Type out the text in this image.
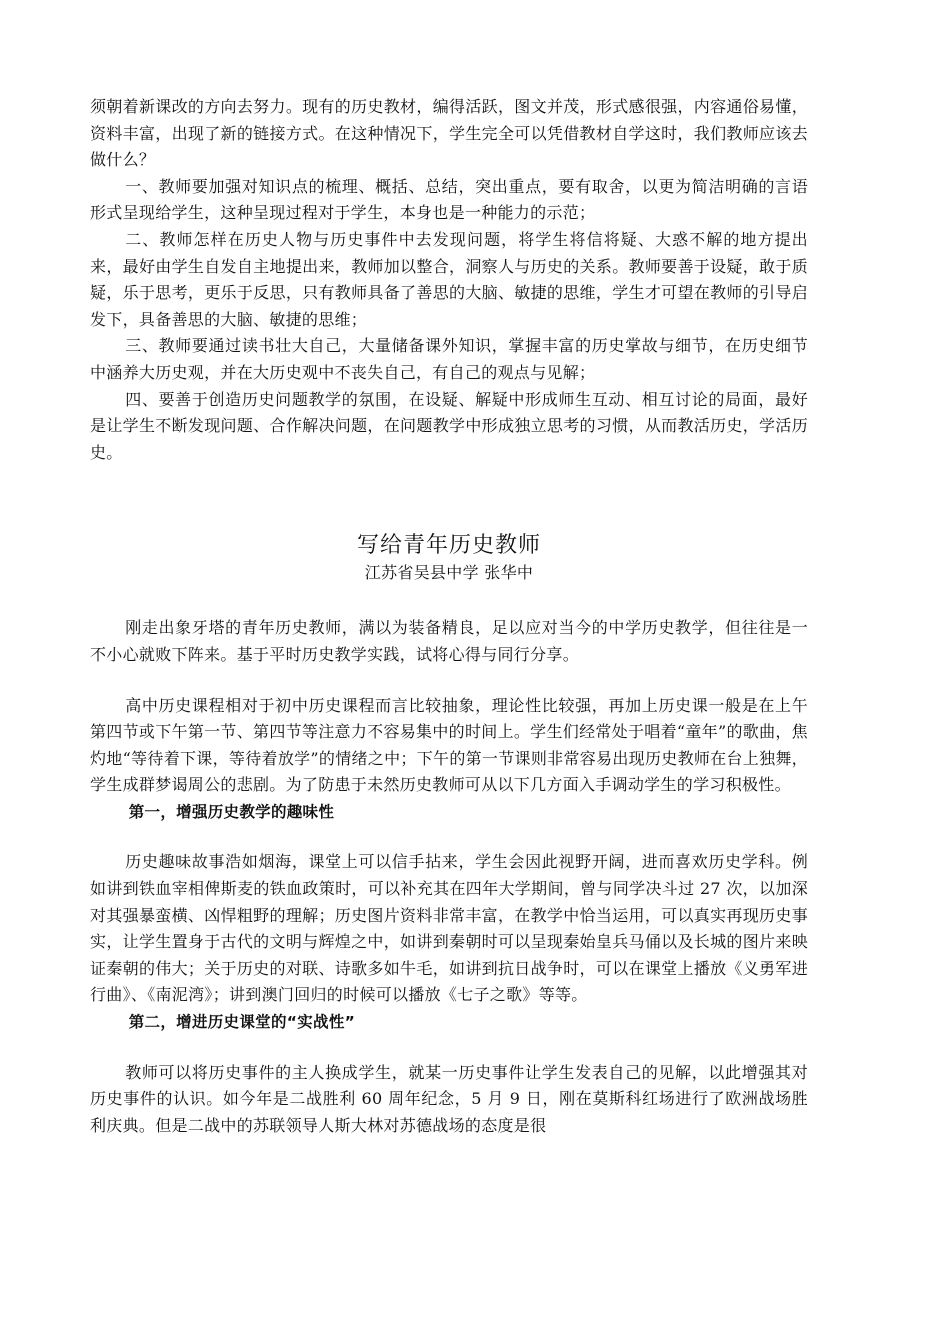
须朝着新课改的方向去努力。现有的历史教材，编得活跃，图文并茂，形式感很强，内容通俗易懂，资料丰富，出现了新的链接方式。在这种情况下，学生完全可以凭借教材自学这时，我们教师应该去做什么？

一、教师要加强对知识点的梳理、概括、总结，突出重点，要有取舍，以更为简洁明确的言语形式呈现给学生，这种呈现过程对于学生，本身也是一种能力的示范；

二、教师怎样在历史人物与历史事件中去发现问题，将学生将信将疑、大惑不解的地方提出来，最好由学生自发自主地提出来，教师加以整合，洞察人与历史的关系。教师要善于设疑，敢于质疑，乐于思考，更乐于反思，只有教师具备了善思的大脑、敏捷的思维，学生才可望在教师的引导启发下，具备善思的大脑、敏捷的思维；

三、教师要通过读书壮大自己，大量储备课外知识，掌握丰富的历史掌故与细节，在历史细节中涵养大历史观，并在大历史观中不丧失自己，有自己的观点与见解；

四、要善于创造历史问题教学的氛围，在设疑、解疑中形成师生互动、相互讨论的局面，最好是让学生不断发现问题、合作解决问题，在问题教学中形成独立思考的习惯，从而教活历史，学活历史。

写给青年历史教师

江苏省吴县中学 张华中

刚走出象牙塔的青年历史教师，满以为装备精良，足以应对当今的中学历史教学，但往往是一不小心就败下阵来。基于平时历史教学实践，试将心得与同行分享。

高中历史课程相对于初中历史课程而言比较抽象，理论性比较强，再加上历史课一般是在上午第四节或下午第一节、第四节等注意力不容易集中的时间上。学生们经常处于唱着“童年”的歌曲，焦灼地“等待着下课，等待着放学”的情绪之中；下午的第一节课则非常容易出现历史教师在台上独舞，学生成群梦谒周公的悲剧。为了防患于未然历史教师可从以下几方面入手调动学生的学习积极性。

第一，增强历史教学的趣味性

历史趣味故事浩如烟海，课堂上可以信手拈来，学生会因此视野开阔，进而喜欢历史学科。例如讲到铁血宰相俾斯麦的铁血政策时，可以补充其在四年大学期间，曾与同学决斗过 27 次，以加深对其强暴蛮横、凶悍粗野的理解；历史图片资料非常丰富，在教学中恰当运用，可以真实再现历史事实，让学生置身于古代的文明与辉煌之中，如讲到秦朝时可以呈现秦始皇兵马俑以及长城的图片来映证秦朝的伟大；关于历史的对联、诗歌多如牛毛，如讲到抗日战争时，可以在课堂上播放《义勇军进行曲》、《南泥湾》；讲到澳门回归的时候可以播放《七子之歌》等等。

第二，增进历史课堂的“实战性”

教师可以将历史事件的主人换成学生，就某一历史事件让学生发表自己的见解，以此增强其对历史事件的认识。如今年是二战胜利 60 周年纪念，5 月 9 日，刚在莫斯科红场进行了欧洲战场胜利庆典。但是二战中的苏联领导人斯大林对苏德战场的态度是很
